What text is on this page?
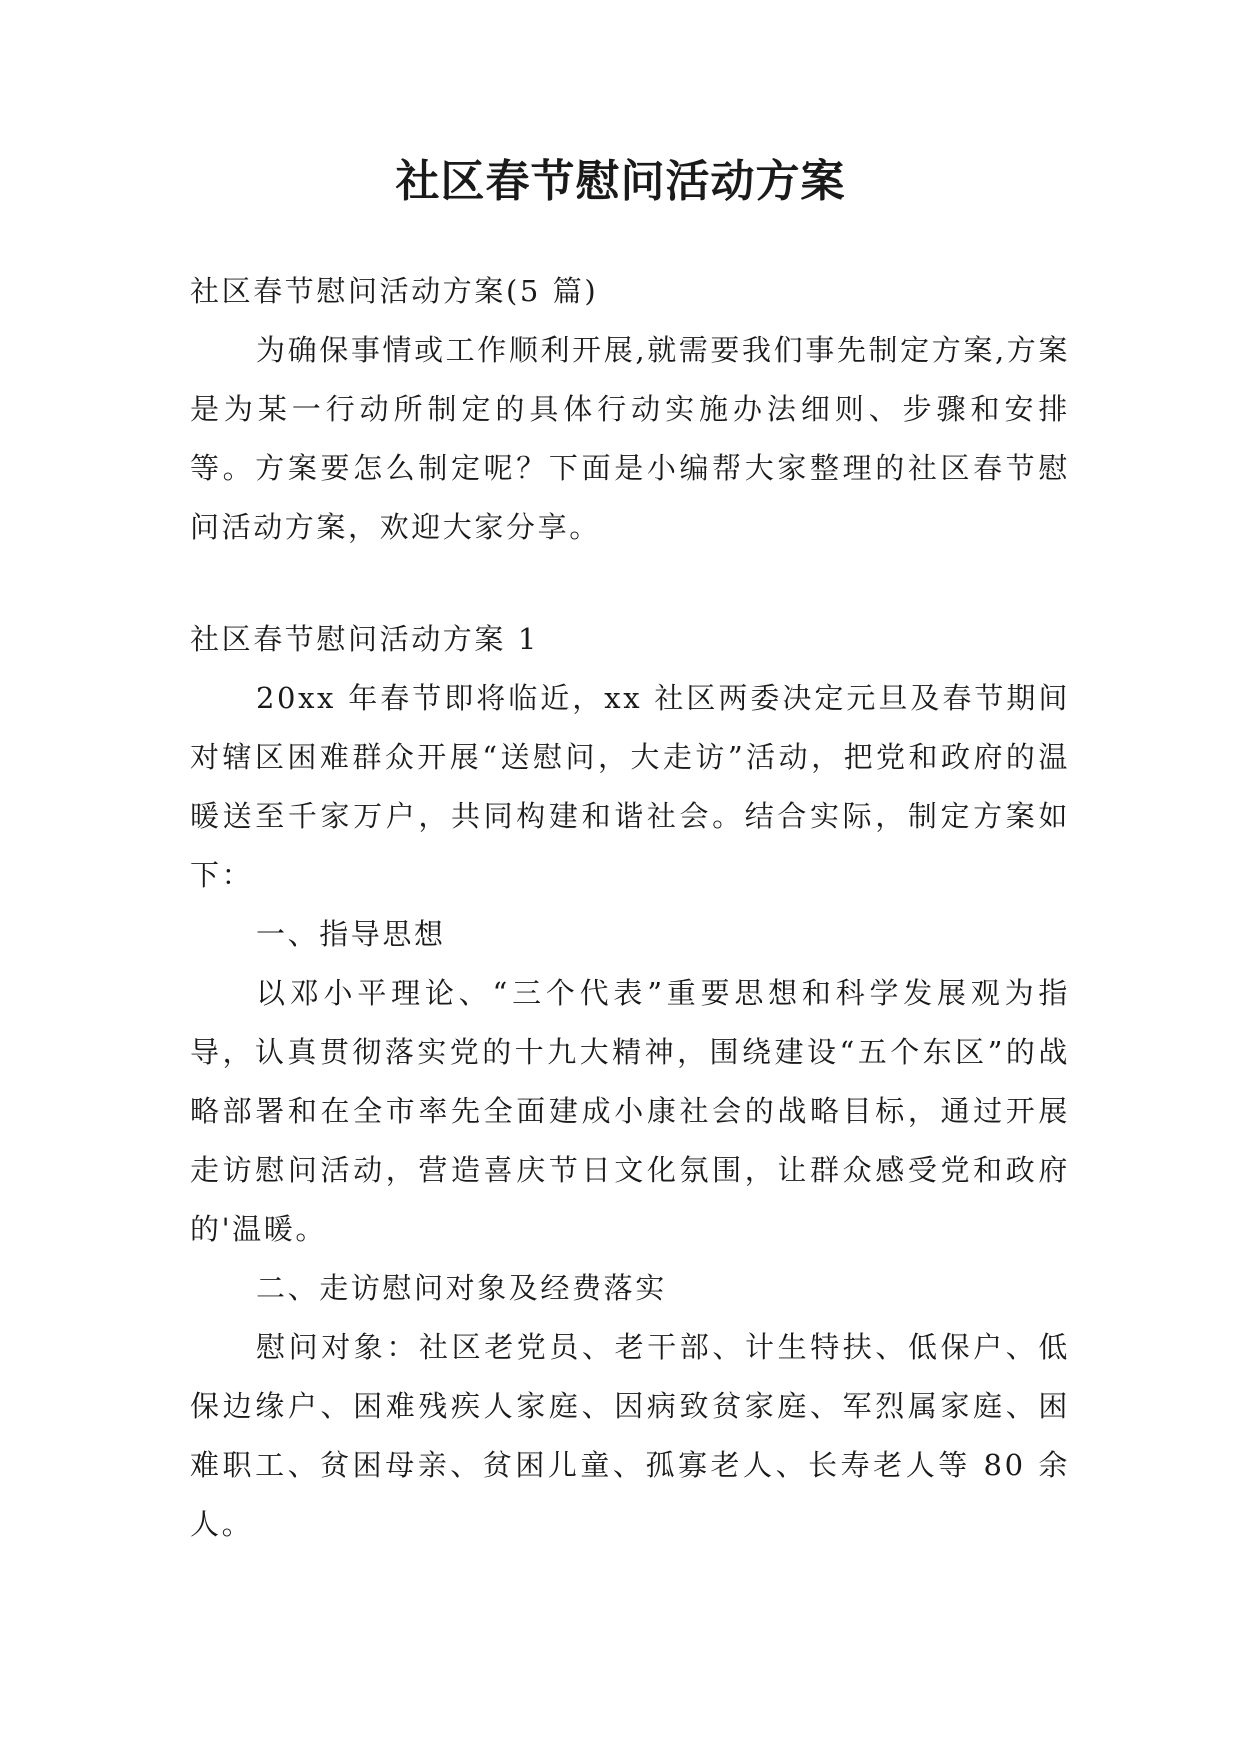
社区春节慰问活动方案

社区春节慰问活动方案(5 篇)

为确保事情或工作顺利开展,就需要我们事先制定方案,方案是为某一行动所制定的具体行动实施办法细则、步骤和安排等。方案要怎么制定呢？下面是小编帮大家整理的社区春节慰问活动方案，欢迎大家分享。

社区春节慰问活动方案 1

20xx 年春节即将临近，xx 社区两委决定元旦及春节期间对辖区困难群众开展“送慰问，大走访”活动，把党和政府的温暖送至千家万户，共同构建和谐社会。结合实际，制定方案如下：

一、指导思想

以邓小平理论、“三个代表”重要思想和科学发展观为指导，认真贯彻落实党的十九大精神，围绕建设“五个东区”的战略部署和在全市率先全面建成小康社会的战略目标，通过开展走访慰问活动，营造喜庆节日文化氛围，让群众感受党和政府的'温暖。

二、走访慰问对象及经费落实

慰问对象：社区老党员、老干部、计生特扶、低保户、低保边缘户、困难残疾人家庭、因病致贫家庭、军烈属家庭、困难职工、贫困母亲、贫困儿童、孤寡老人、长寿老人等 80 余人。
